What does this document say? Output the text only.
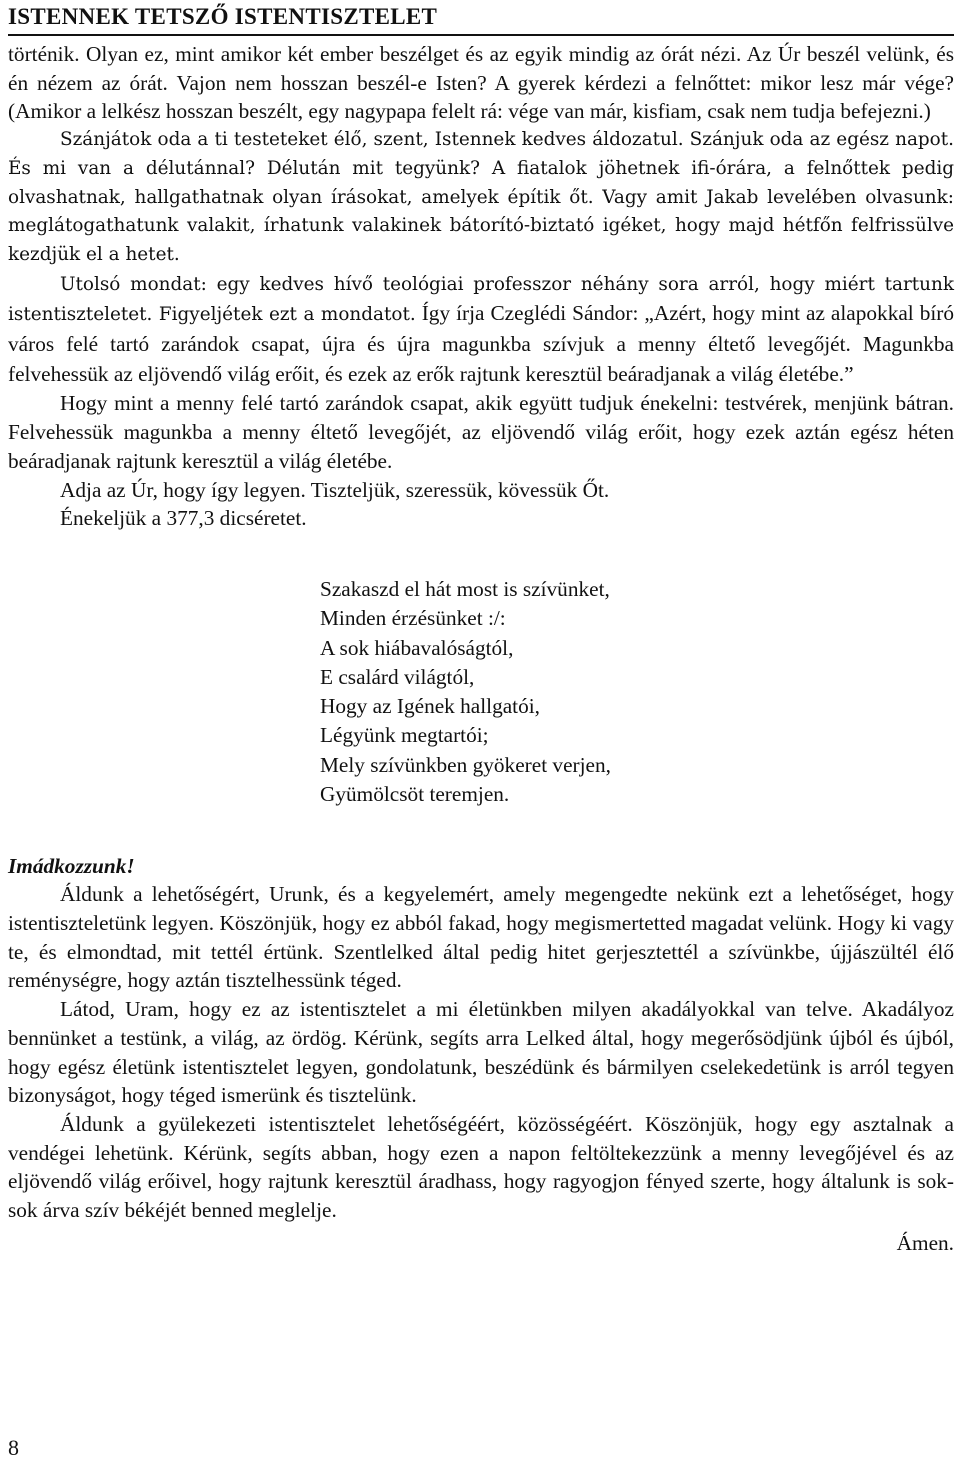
ISTENNEK TETSZŐ ISTENTISZTELET

történik. Olyan ez, mint amikor két ember beszélget és az egyik mindig az órát nézi. Az Úr beszél velünk, és én nézem az órát. Vajon nem hosszan beszél-e Isten? A gyerek kérdezi a felnőttet: mikor lesz már vége? (Amikor a lelkész hosszan beszélt, egy nagypapa felelt rá: vége van már, kisfiam, csak nem tudja befejezni.)

Szánjátok oda a ti testeteket élő, szent, Istennek kedves áldozatul. Szánjuk oda az egész napot. És mi van a délutánnal? Délután mit tegyünk? A fiatalok jöhetnek ifi-órára, a felnőttek pedig olvashatnak, hallgathatnak olyan írásokat, amelyek építik őt. Vagy amit Jakab levelében olvasunk: meglátogathatunk valakit, írhatunk valakinek bátorító-biztató igéket, hogy majd hétfőn felfrissülve kezdjük el a hetet.

Utolsó mondat: egy kedves hívő teológiai professzor néhány sora arról, hogy miért tartunk istentiszteletet. Figyeljétek ezt a mondatot. Így írja Czeglédi Sándor: „Azért, hogy mint az alapokkal bíró város felé tartó zarándok csapat, újra és újra magunkba szívjuk a menny éltető levegőjét. Magunkba felvehessük az eljövendő világ erőit, és ezek az erők rajtunk keresztül beáradjanak a világ életébe.”

Hogy mint a menny felé tartó zarándok csapat, akik együtt tudjuk énekelni: testvérek, menjünk bátran. Felvehessük magunkba a menny éltető levegőjét, az eljövendő világ erőit, hogy ezek aztán egész héten beáradjanak rajtunk keresztül a világ életébe.

Adja az Úr, hogy így legyen. Tiszteljük, szeressük, kövessük Őt.

Énekeljük a 377,3 dicséretet.

Szakaszd el hát most is szívünket,
Minden érzésünket :/:
A sok hiábavalóságtól,
E csalárd világtól,
Hogy az Igének hallgatói,
Légyünk megtartói;
Mely szívünkben gyökeret verjen,
Gyümölcsöt teremjen.
Imádkozzunk!

Áldunk a lehetőségért, Urunk, és a kegyelemért, amely megengedte nekünk ezt a lehetőséget, hogy istentiszteletünk legyen. Köszönjük, hogy ez abból fakad, hogy megismertetted magadat velünk. Hogy ki vagy te, és elmondtad, mit tettél értünk. Szentlelked által pedig hitet gerjesztettél a szívünkbe, újjászültél élő reménységre, hogy aztán tisztelhessünk téged.

Látod, Uram, hogy ez az istentisztelet a mi életünkben milyen akadályokkal van telve. Akadályoz bennünket a testünk, a világ, az ördög. Kérünk, segíts arra Lelked által, hogy megerősödjünk újból és újból, hogy egész életünk istentisztelet legyen, gondolatunk, beszédünk és bármilyen cselekedetünk is arról tegyen bizonyságot, hogy téged ismerünk és tisztelünk.

Áldunk a gyülekezeti istentisztelet lehetőségéért, közösségéért. Köszönjük, hogy egy asztalnak a vendégei lehetünk. Kérünk, segíts abban, hogy ezen a napon feltöltekezzünk a menny levegőjével és az eljövendő világ erőivel, hogy rajtunk keresztül áradhass, hogy ragyogjon fényed szerte, hogy általunk is sok-sok árva szív békéjét benned meglelje.

Ámen.
8
